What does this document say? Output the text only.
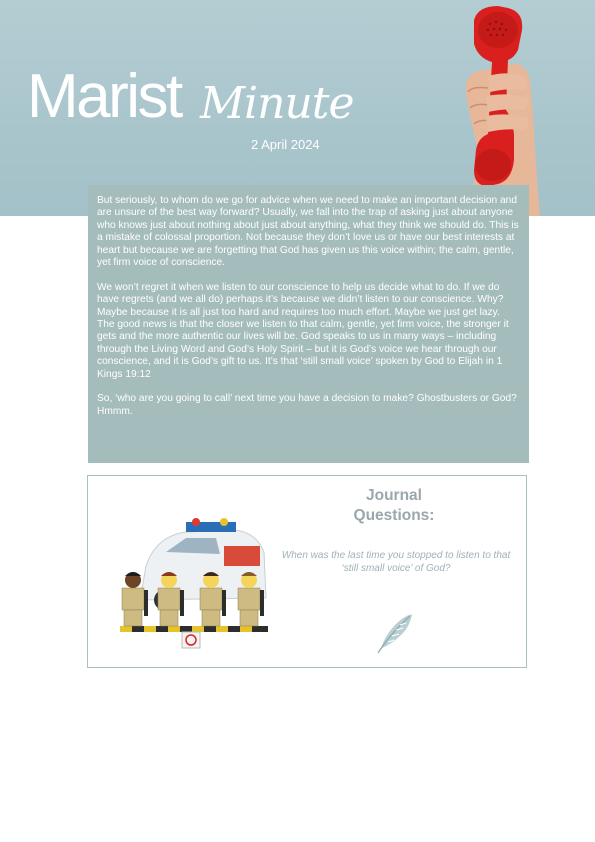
Marist Minute
2 April 2024

But seriously, to whom do we go for advice when we need to make an important decision and are unsure of the best way forward? Usually, we fall into the trap of asking just about anyone who knows just about nothing about just about anything, what they think we should do. This is a mistake of colossal proportion. Not because they don’t love us or have our best interests at heart but because we are forgetting that God has given us this voice within; the calm, gentle, yet firm voice of conscience.

We won’t regret it when we listen to our conscience to help us decide what to do. If we do have regrets (and we all do) perhaps it’s because we didn’t listen to our conscience. Why? Maybe because it is all just too hard and requires too much effort. Maybe we just get lazy. The good news is that the closer we listen to that calm, gentle, yet firm voice, the stronger it gets and the more authentic our lives will be. God speaks to us in many ways – including through the Living Word and God’s Holy Spirit – but it is God’s voice we hear through our conscience, and it is God’s gift to us. It’s that ‘still small voice’ spoken by God to Elijah in 1 Kings 19:12

So, ‘who are you going to call’ next time you have a decision to make? Ghostbusters or God? Hmmm.

Journal
Questions:
When was the last time you stopped to listen to that ‘still small voice’ of God?
